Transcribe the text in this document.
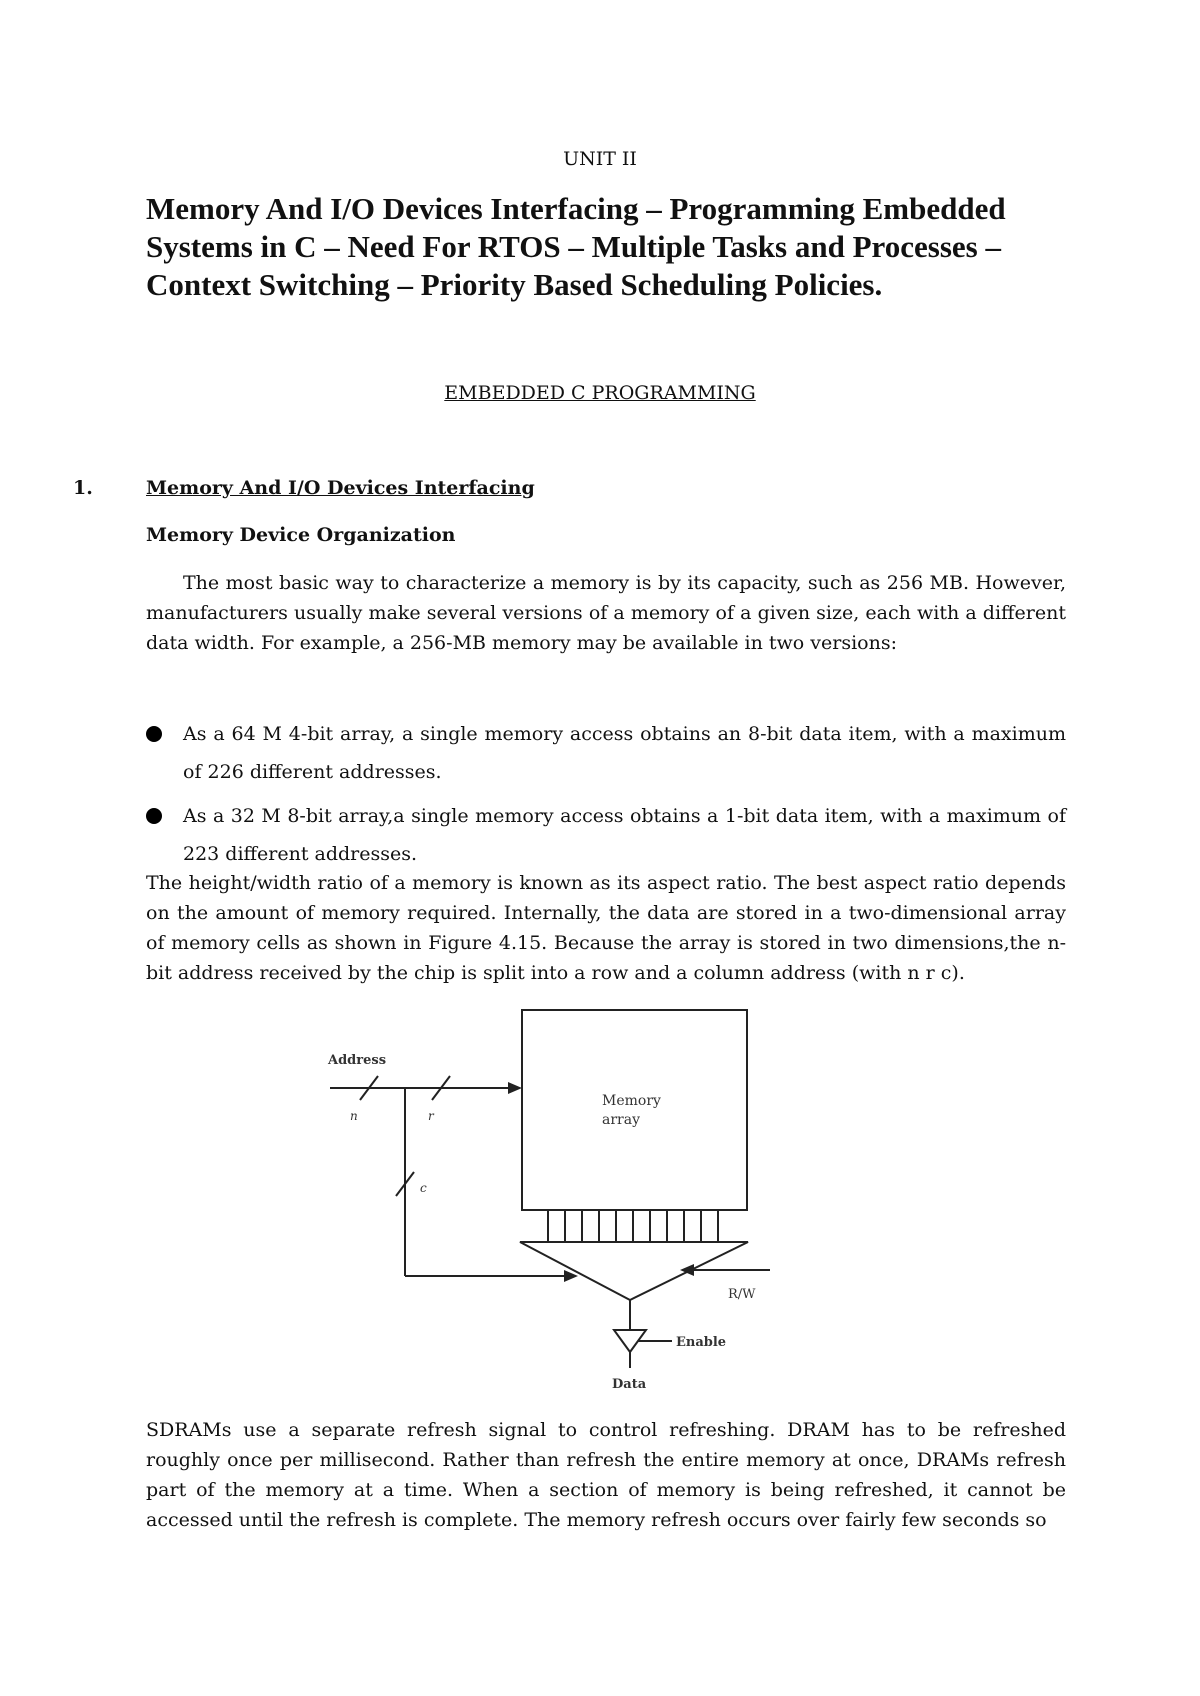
UNIT II
Memory And I/O Devices Interfacing – Programming Embedded Systems in C – Need For RTOS – Multiple Tasks and Processes – Context Switching – Priority Based Scheduling Policies.
EMBEDDED C PROGRAMMING
1.	Memory And I/O Devices Interfacing
Memory Device Organization

The most basic way to characterize a memory is by its capacity, such as 256 MB. However, manufacturers usually make several versions of a memory of a given size, each with a different data width. For example, a 256-MB memory may be available in two versions:

As a 64 M 4-bit array, a single memory access obtains an 8-bit data item, with a maximum of 226 different addresses.
As a 32 M 8-bit array,a single memory access obtains a 1-bit data item, with a maximum of 223 different addresses.

The height/width ratio of a memory is known as its aspect ratio. The best aspect ratio depends on the amount of memory required. Internally, the data are stored in a two-dimensional array of memory cells as shown in Figure 4.15. Because the array is stored in two dimensions,the n-bit address received by the chip is split into a row and a column address (with n r c).

Memory
array
Address
n	r
c
R/W
Enable
Data

SDRAMs use a separate refresh signal to control refreshing. DRAM has to be refreshed roughly once per millisecond. Rather than refresh the entire memory at once, DRAMs refresh part of the memory at a time. When a section of memory is being refreshed, it cannot be accessed until the refresh is complete. The memory refresh occurs over fairly few seconds so
